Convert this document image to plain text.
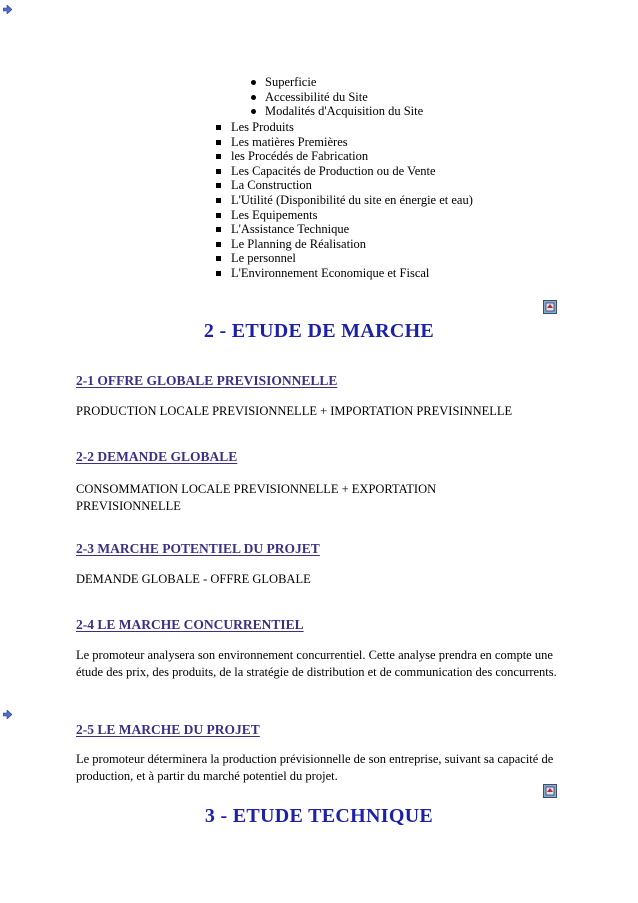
Superficie
Accessibilité du Site
Modalités d'Acquisition du Site
Les Produits
Les matières Premières
les Procédés de Fabrication
Les Capacités de Production ou de Vente
La Construction
L'Utilité (Disponibilité du site en énergie et eau)
Les Equipements
L'Assistance Technique
Le Planning de Réalisation
Le personnel
L'Environnement Economique et Fiscal
2 - ETUDE DE MARCHE
2-1 OFFRE GLOBALE PREVISIONNELLE
PRODUCTION LOCALE PREVISIONNELLE + IMPORTATION PREVISINNELLE
2-2 DEMANDE GLOBALE
CONSOMMATION LOCALE PREVISIONNELLE + EXPORTATION PREVISIONNELLE
2-3 MARCHE POTENTIEL DU PROJET
DEMANDE GLOBALE - OFFRE GLOBALE
2-4 LE MARCHE CONCURRENTIEL
Le promoteur analysera son environnement concurrentiel. Cette analyse prendra en compte une étude des prix, des produits, de la stratégie de distribution et de communication des concurrents.
2-5 LE MARCHE DU PROJET
Le promoteur déterminera la production prévisionnelle de son entreprise, suivant sa capacité de production, et à partir du marché potentiel du projet.
3 - ETUDE TECHNIQUE
